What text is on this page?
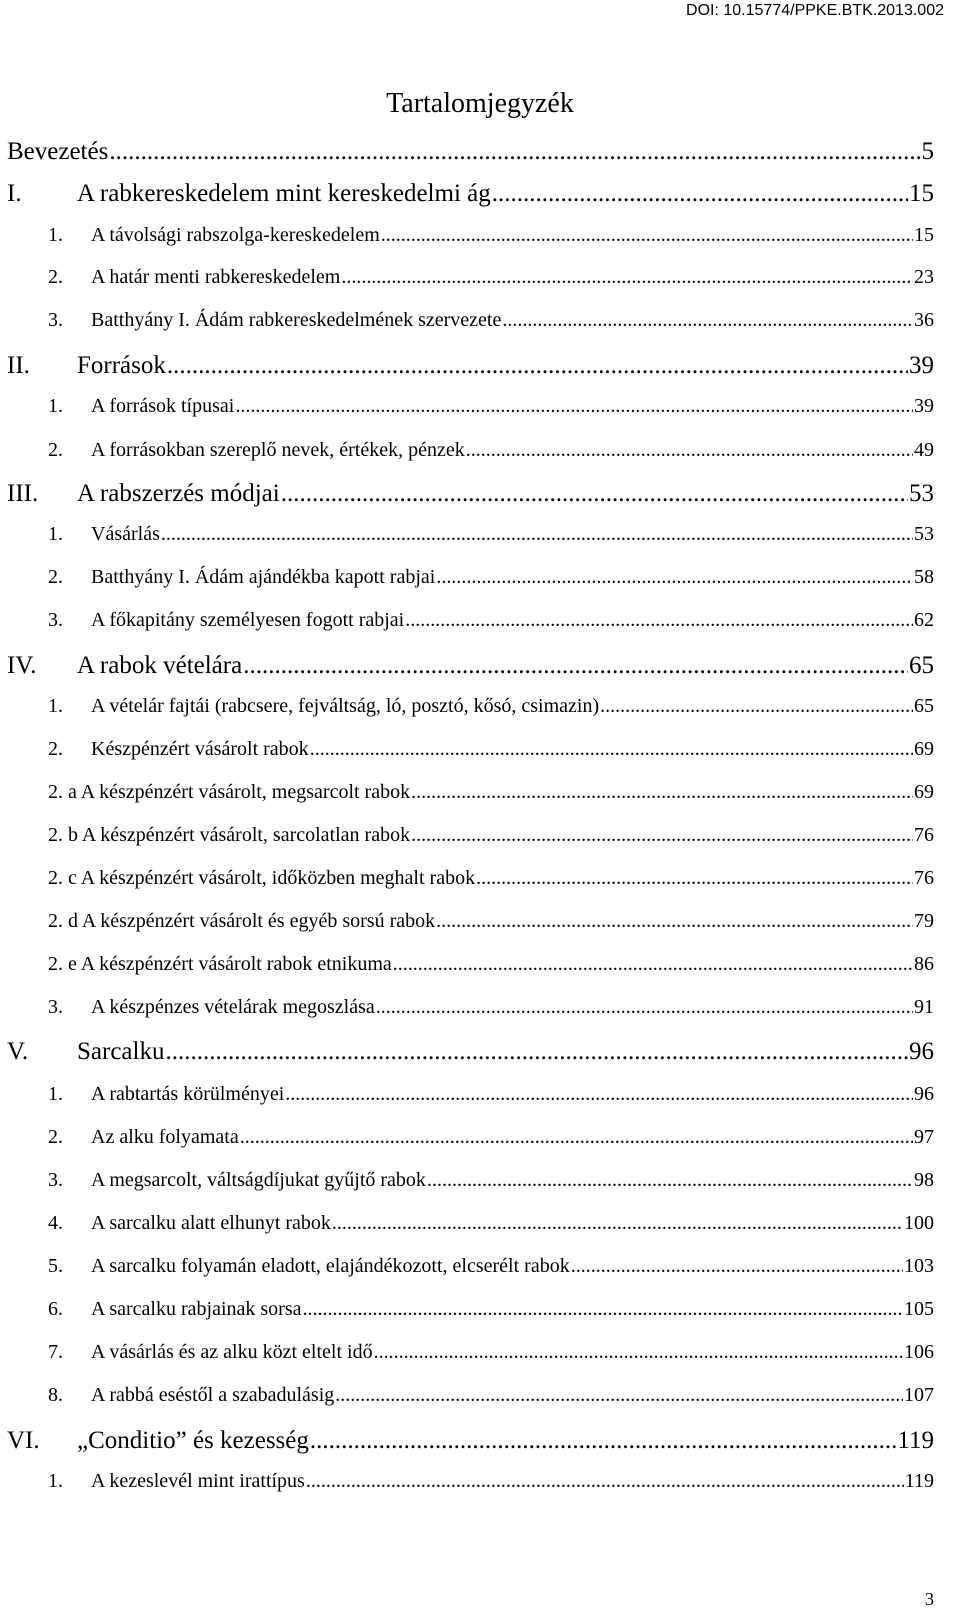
DOI: 10.15774/PPKE.BTK.2013.002
Tartalomjegyzék
Bevezetés .....	5
I.	A rabkereskedelem mint kereskedelmi ág .....	15
1.	A távolsági rabszolga-kereskedelem .....	15
2.	A határ menti rabkereskedelem .....	23
3.	Batthyány I. Ádám rabkereskedelmének szervezete .....	36
II.	Források .....	39
1.	A források típusai .....	39
2.	A forrásokban szereplő nevek, értékek, pénzek .....	49
III.	A rabszerzés módjai .....	53
1.	Vásárlás .....	53
2.	Batthyány I. Ádám ajándékba kapott rabjai .....	58
3.	A főkapitány személyesen fogott rabjai .....	62
IV.	A rabok vételára .....	65
1.	A vételár fajtái (rabcsere, fejváltság, ló, posztó, kősó, csimazin) .....	65
2.	Készpénzért vásárolt rabok .....	69
2. a A készpénzért vásárolt, megsarcolt rabok .....	69
2. b A készpénzért vásárolt, sarcolatlan rabok .....	76
2. c A készpénzért vásárolt, időközben meghalt rabok .....	76
2. d A készpénzért vásárolt és egyéb sorsú rabok .....	79
2. e A készpénzért vásárolt rabok etnikuma .....	86
3.	A készpénzes vételárak megoszlása .....	91
V.	Sarcalku .....	96
1.	A rabtartás körülményei .....	96
2.	Az alku folyamata .....	97
3.	A megsarcolt, váltságdíjukat gyűjtő rabok .....	98
4.	A sarcalku alatt elhunyt rabok .....	100
5.	A sarcalku folyamán eladott, elajándékozott, elcserélt rabok .....	103
6.	A sarcalku rabjainak sorsa .....	105
7.	A vásárlás és az alku közt eltelt idő .....	106
8.	A rabbá eséstől a szabadulásig .....	107
VI.	„Conditio” és kezesség .....	119
1.	A kezeslevél mint irattípus .....	119
3
